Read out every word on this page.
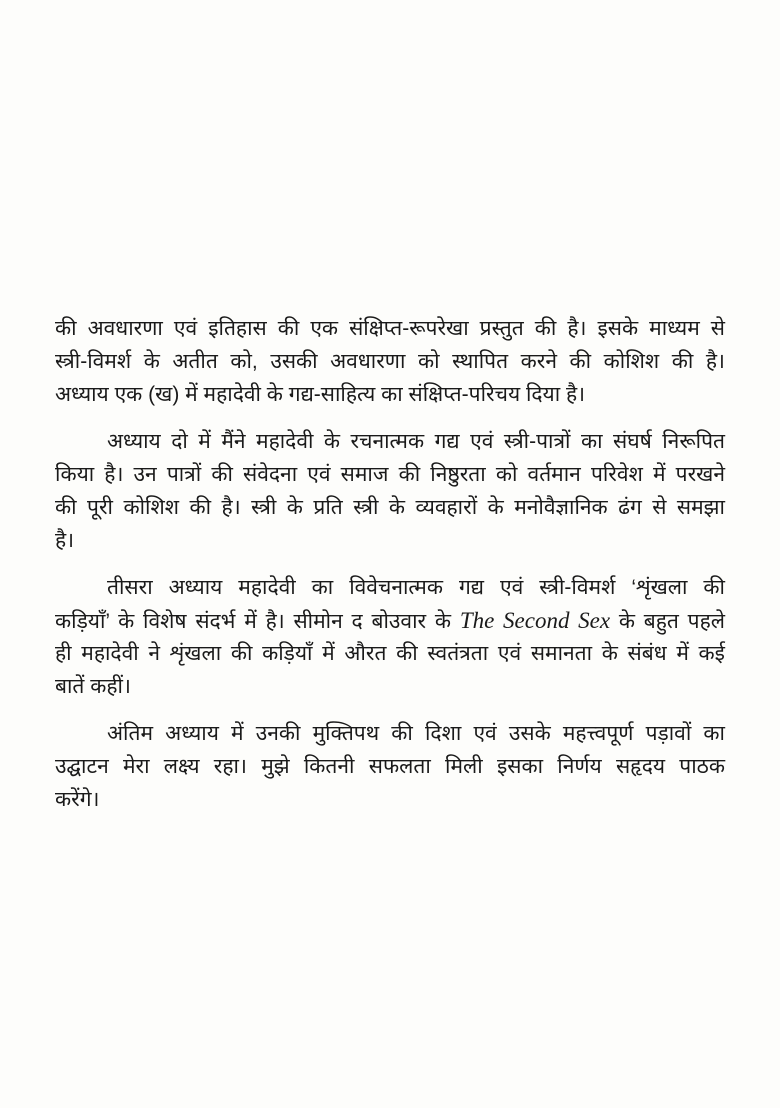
की अवधारणा एवं इतिहास की एक संक्षिप्त-रूपरेखा प्रस्तुत की है। इसके माध्यम से
स्त्री-विमर्श के अतीत को, उसकी अवधारणा को स्थापित करने की कोशिश की है।
अध्याय एक (ख) में महादेवी के गद्य-साहित्य का संक्षिप्त-परिचय दिया है।
अध्याय दो में मैंने महादेवी के रचनात्मक गद्य एवं स्त्री-पात्रों का संघर्ष निरूपित
किया है। उन पात्रों की संवेदना एवं समाज की निष्ठुरता को वर्तमान परिवेश में परखने
की पूरी कोशिश की है। स्त्री के प्रति स्त्री के व्यवहारों के मनोवैज्ञानिक ढंग से समझा
है।
तीसरा अध्याय महादेवी का विवेचनात्मक गद्य एवं स्त्री-विमर्श ‘शृंखला की
कड़ियाँ’ के विशेष संदर्भ में है। सीमोन द बोउवार के The Second Sex के बहुत पहले
ही महादेवी ने शृंखला की कड़ियाँ में औरत की स्वतंत्रता एवं समानता के संबंध में कई
बातें कहीं।
अंतिम अध्याय में उनकी मुक्तिपथ की दिशा एवं उसके महत्त्वपूर्ण पड़ावों का
उद्घाटन मेरा लक्ष्य रहा। मुझे कितनी सफलता मिली इसका निर्णय सहृदय पाठक
करेंगे।
